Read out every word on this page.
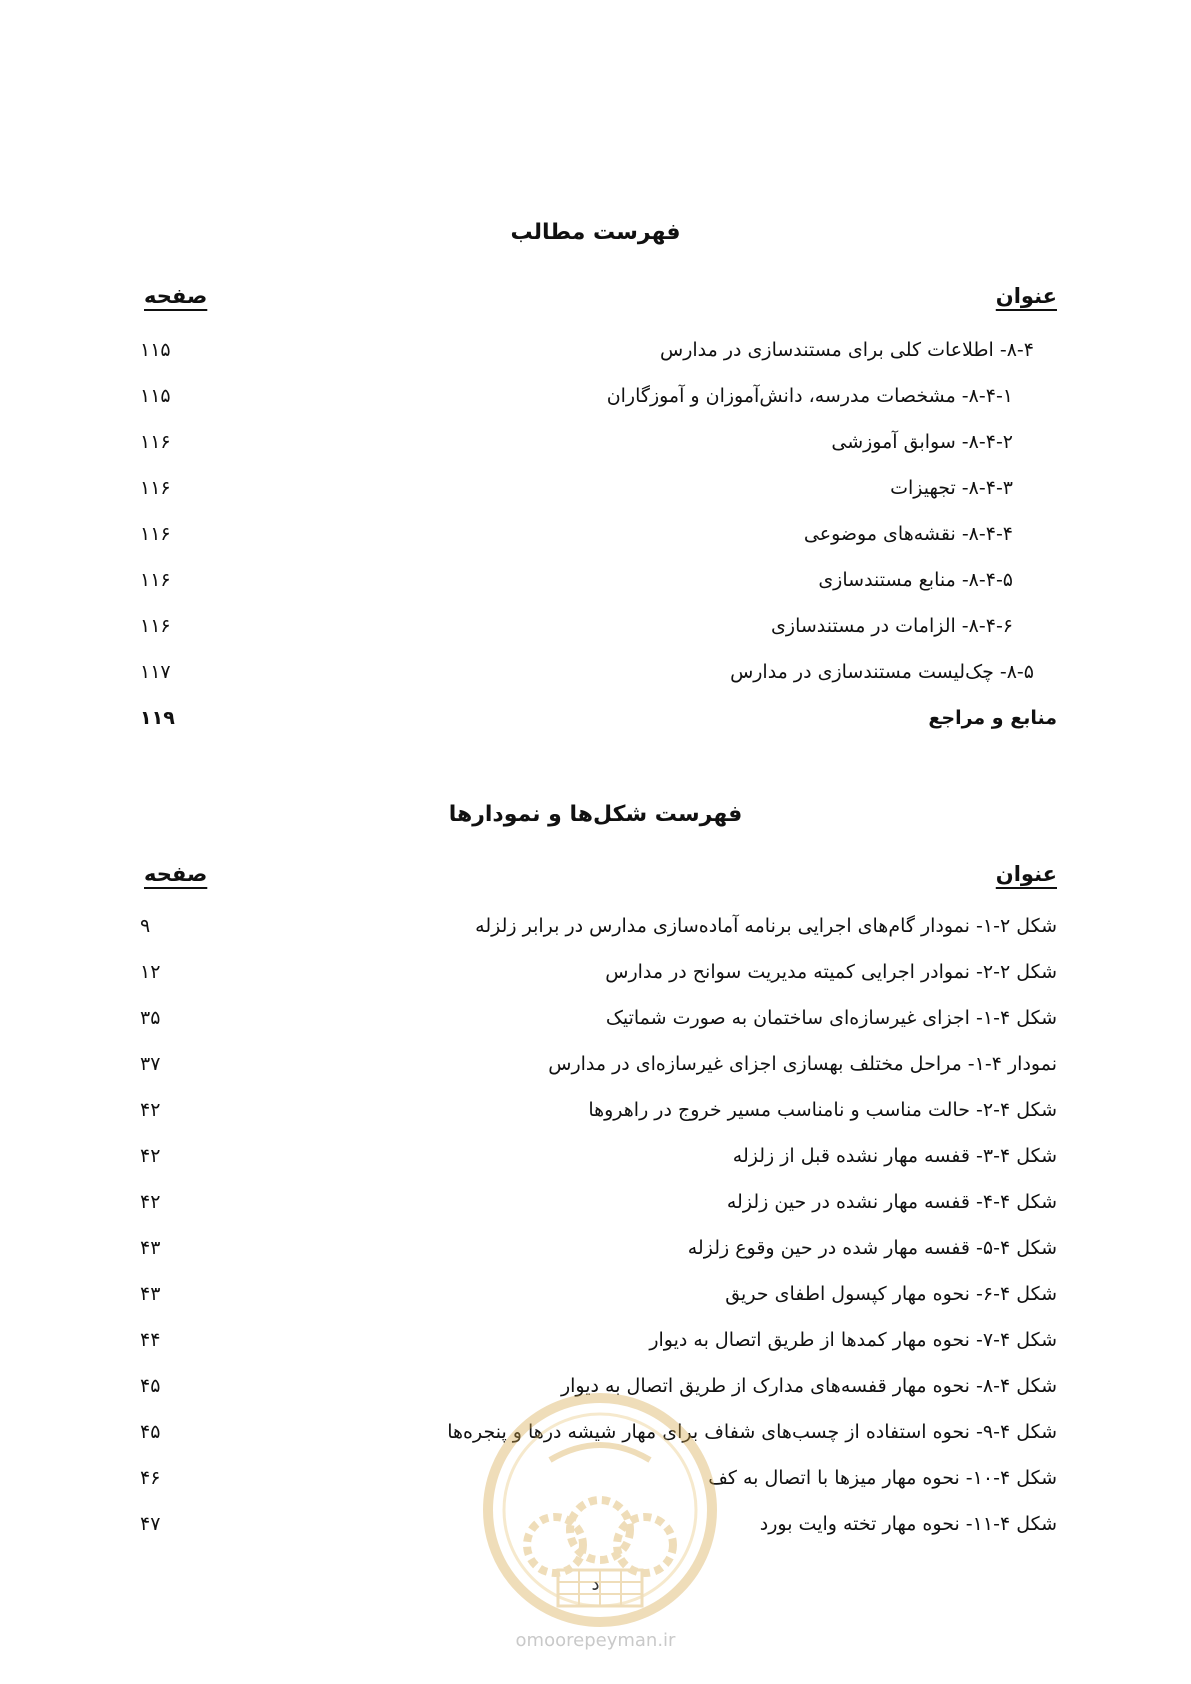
فهرست مطالب
عنوان
صفحه
۸-۴- اطلاعات کلی برای مستندسازی در مدارس
۱۱۵
۸-۴-۱- مشخصات مدرسه، دانش‌آموزان و آموزگاران
۱۱۵
۸-۴-۲- سوابق آموزشی
۱۱۶
۸-۴-۳- تجهیزات
۱۱۶
۸-۴-۴- نقشه‌های موضوعی
۱۱۶
۸-۴-۵- منابع مستندسازی
۱۱۶
۸-۴-۶- الزامات در مستندسازی
۱۱۶
۸-۵- چک‌لیست مستندسازی در مدارس
۱۱۷
منابع و مراجع
۱۱۹
فهرست شکل‌ها و نمودارها
عنوان
صفحه
شکل ۲-۱- نمودار گام‌های اجرایی برنامه آماده‌سازی مدارس در برابر زلزله
۹
شکل ۲-۲- نموادر اجرایی کمیته مدیریت سوانح در مدارس
۱۲
شکل ۴-۱- اجزای غیرسازه‌ای ساختمان به صورت شماتیک
۳۵
نمودار ۴-۱- مراحل مختلف بهسازی اجزای غیرسازه‌ای در مدارس
۳۷
شکل ۴-۲- حالت مناسب و نامناسب مسیر خروج در راهروها
۴۲
شکل ۴-۳- قفسه مهار نشده قبل از زلزله
۴۲
شکل ۴-۴- قفسه مهار نشده در حین زلزله
۴۲
شکل ۴-۵- قفسه مهار شده در حین وقوع زلزله
۴۳
شکل ۴-۶- نحوه مهار کپسول اطفای حریق
۴۳
شکل ۴-۷- نحوه مهار کمدها از طریق اتصال به دیوار
۴۴
شکل ۴-۸- نحوه مهار قفسه‌های مدارک از طریق اتصال به دیوار
۴۵
شکل ۴-۹- نحوه استفاده از چسب‌های شفاف برای مهار شیشه درها و پنجره‌ها
۴۵
شکل ۴-۱۰- نحوه مهار میزها با اتصال به کف
۴۶
شکل ۴-۱۱- نحوه مهار تخته وایت بورد
۴۷
د
omoorepeyman.ir
